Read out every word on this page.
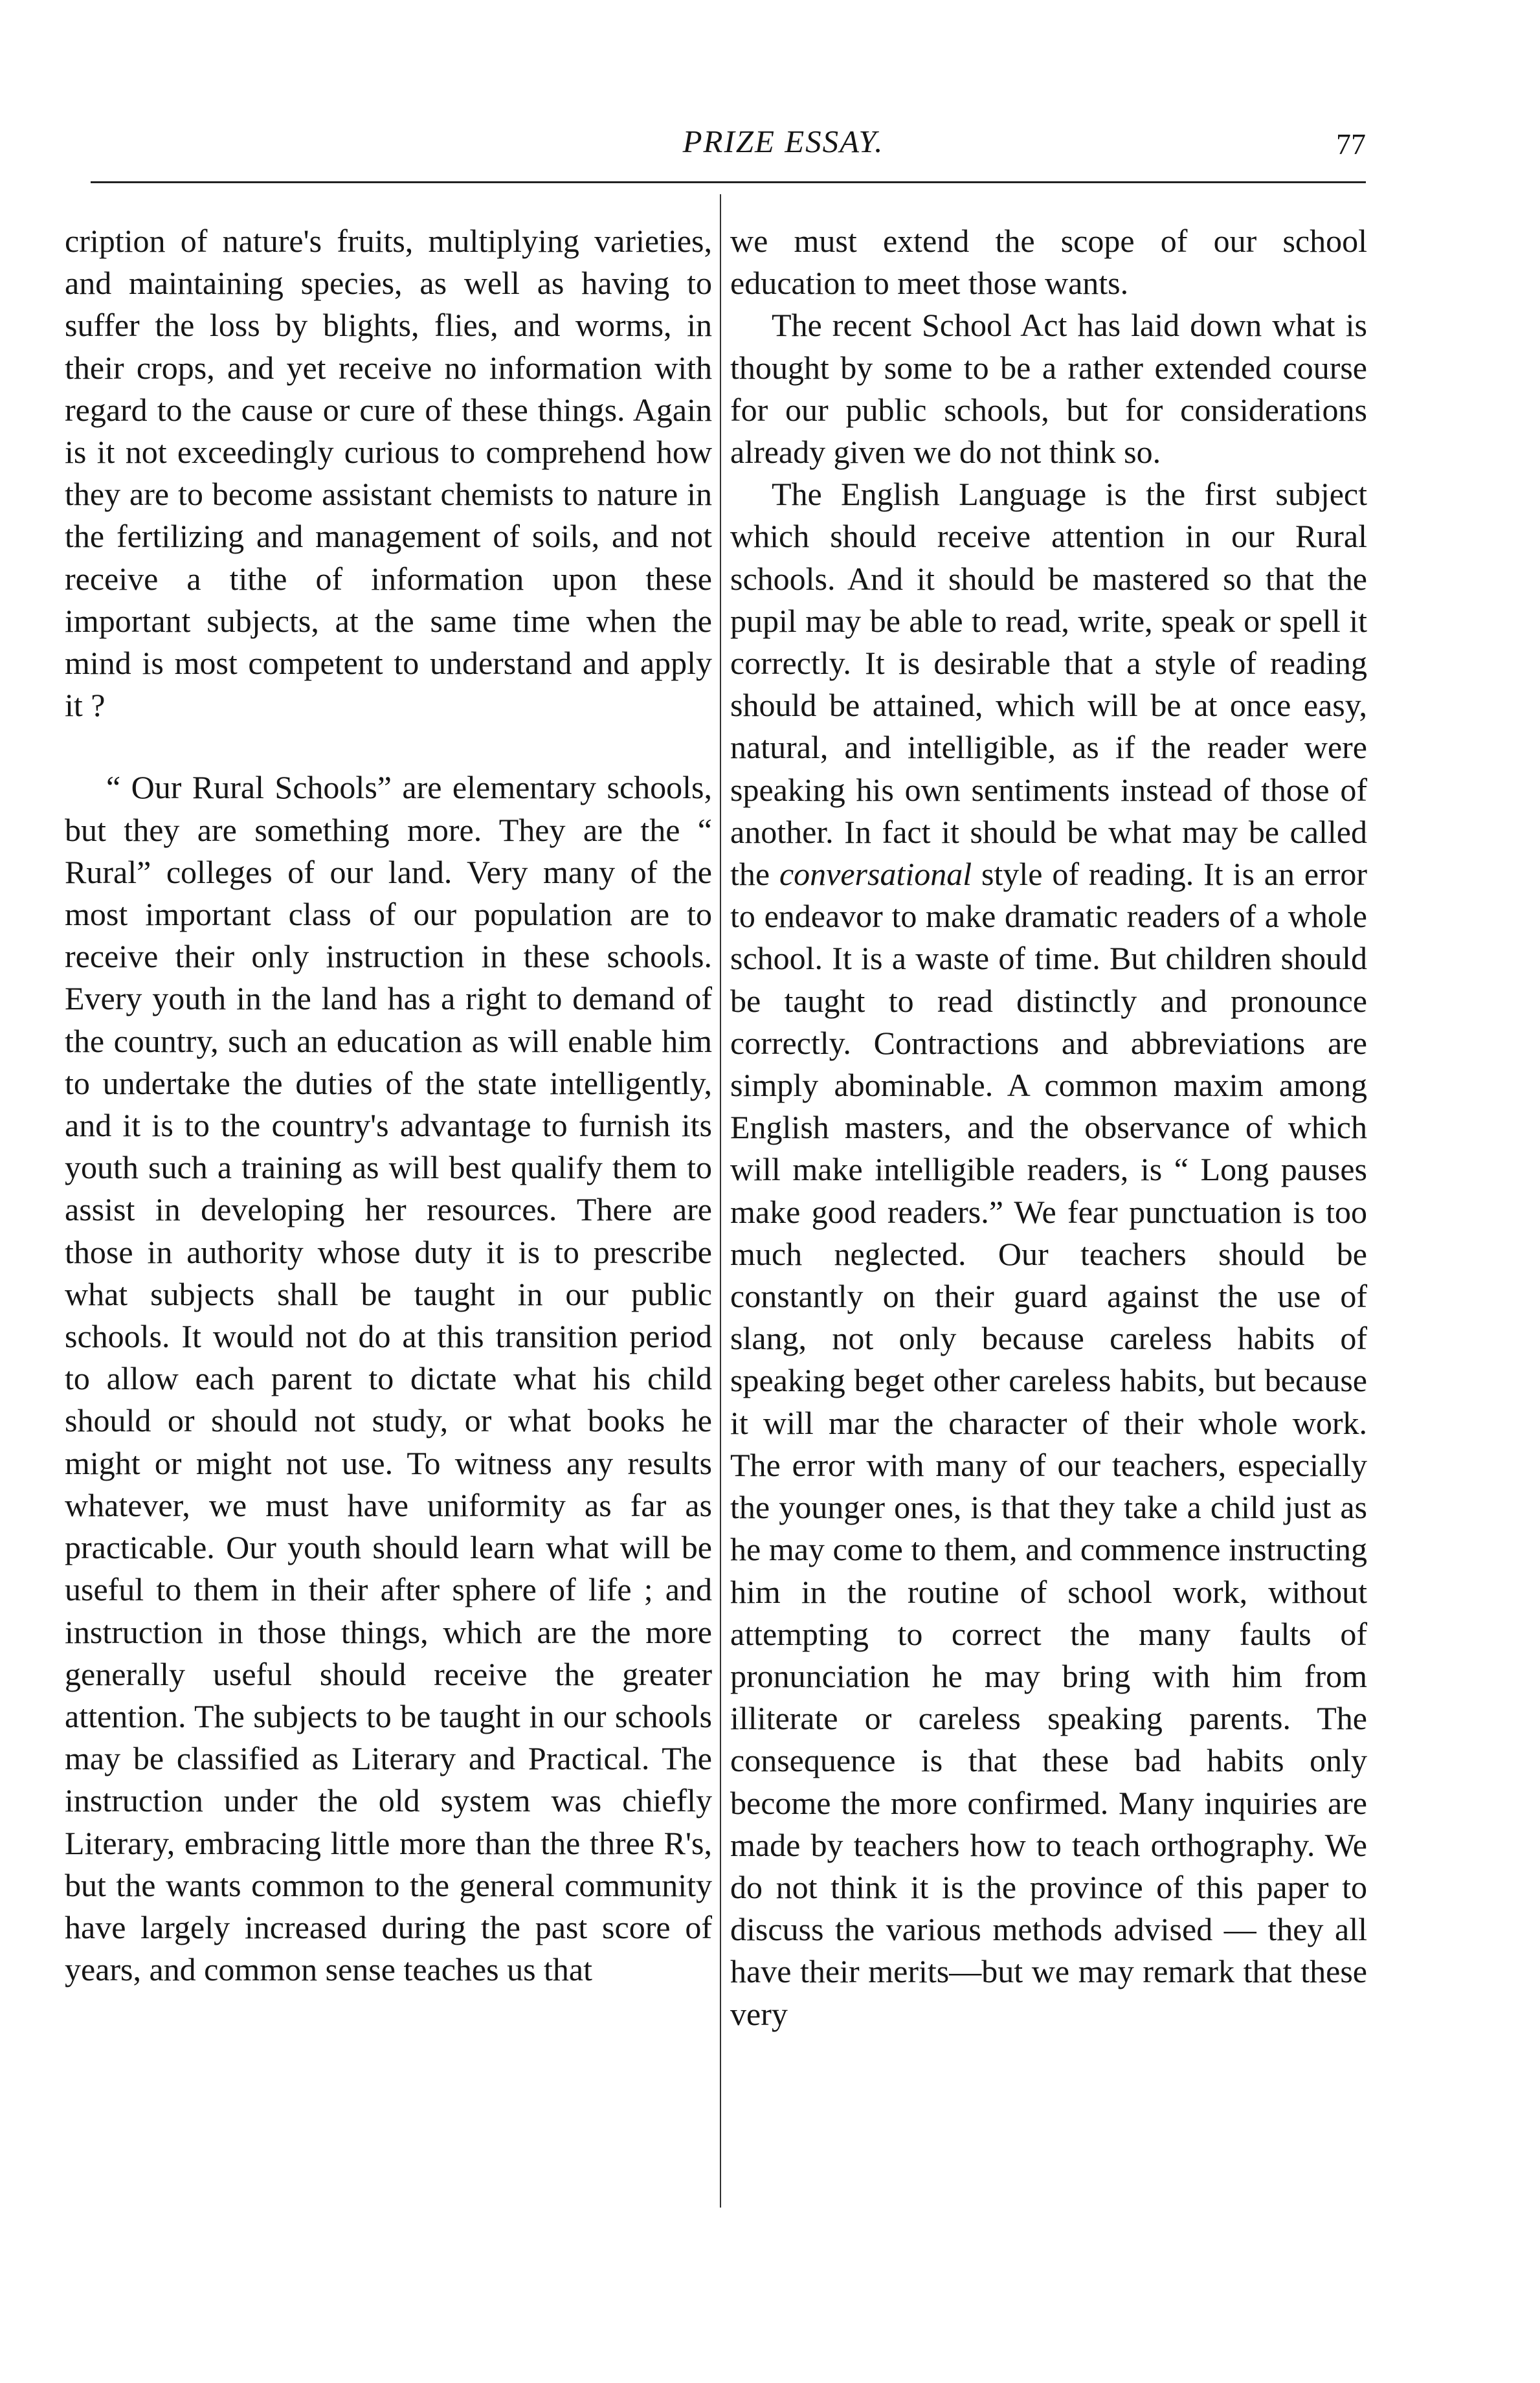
PRIZE ESSAY.	77

cription of nature's fruits, multiplying varieties, and maintaining species, as well as having to suffer the loss by blights, flies, and worms, in their crops, and yet receive no information with regard to the cause or cure of these things. Again is it not exceedingly curious to comprehend how they are to become assistant chemists to nature in the fertilizing and management of soils, and not receive a tithe of information upon these important subjects, at the same time when the mind is most competent to understand and apply it ?

“ Our Rural Schools” are elementary schools, but they are something more. They are the “ Rural” colleges of our land. Very many of the most important class of our population are to receive their only instruction in these schools. Every youth in the land has a right to demand of the country, such an education as will enable him to undertake the duties of the state intelligently, and it is to the country's advantage to furnish its youth such a training as will best qualify them to assist in developing her resources. There are those in authority whose duty it is to prescribe what subjects shall be taught in our public schools. It would not do at this transition period to allow each parent to dictate what his child should or should not study, or what books he might or might not use. To witness any results whatever, we must have uniformity as far as practicable. Our youth should learn what will be useful to them in their after sphere of life ; and instruction in those things, which are the more generally useful should receive the greater attention. The subjects to be taught in our schools may be classified as Literary and Practical. The instruction under the old system was chiefly Literary, embracing little more than the three R's, but the wants common to the general community have largely increased during the past score of years, and common sense teaches us that

we must extend the scope of our school education to meet those wants.

The recent School Act has laid down what is thought by some to be a rather extended course for our public schools, but for considerations already given we do not think so.

The English Language is the first subject which should receive attention in our Rural schools. And it should be mastered so that the pupil may be able to read, write, speak or spell it correctly. It is desirable that a style of reading should be attained, which will be at once easy, natural, and intelligible, as if the reader were speaking his own sentiments instead of those of another. In fact it should be what may be called the conversational style of reading. It is an error to endeavor to make dramatic readers of a whole school. It is a waste of time. But children should be taught to read distinctly and pronounce correctly. Contractions and abbreviations are simply abominable. A common maxim among English masters, and the observance of which will make intelligible readers, is “ Long pauses make good readers.” We fear punctuation is too much neglected. Our teachers should be constantly on their guard against the use of slang, not only because careless habits of speaking beget other careless habits, but because it will mar the character of their whole work. The error with many of our teachers, especially the younger ones, is that they take a child just as he may come to them, and commence instructing him in the routine of school work, without attempting to correct the many faults of pronunciation he may bring with him from illiterate or careless speaking parents. The consequence is that these bad habits only become the more confirmed. Many inquiries are made by teachers how to teach orthography. We do not think it is the province of this paper to discuss the various methods advised — they all have their merits—but we may remark that these very
